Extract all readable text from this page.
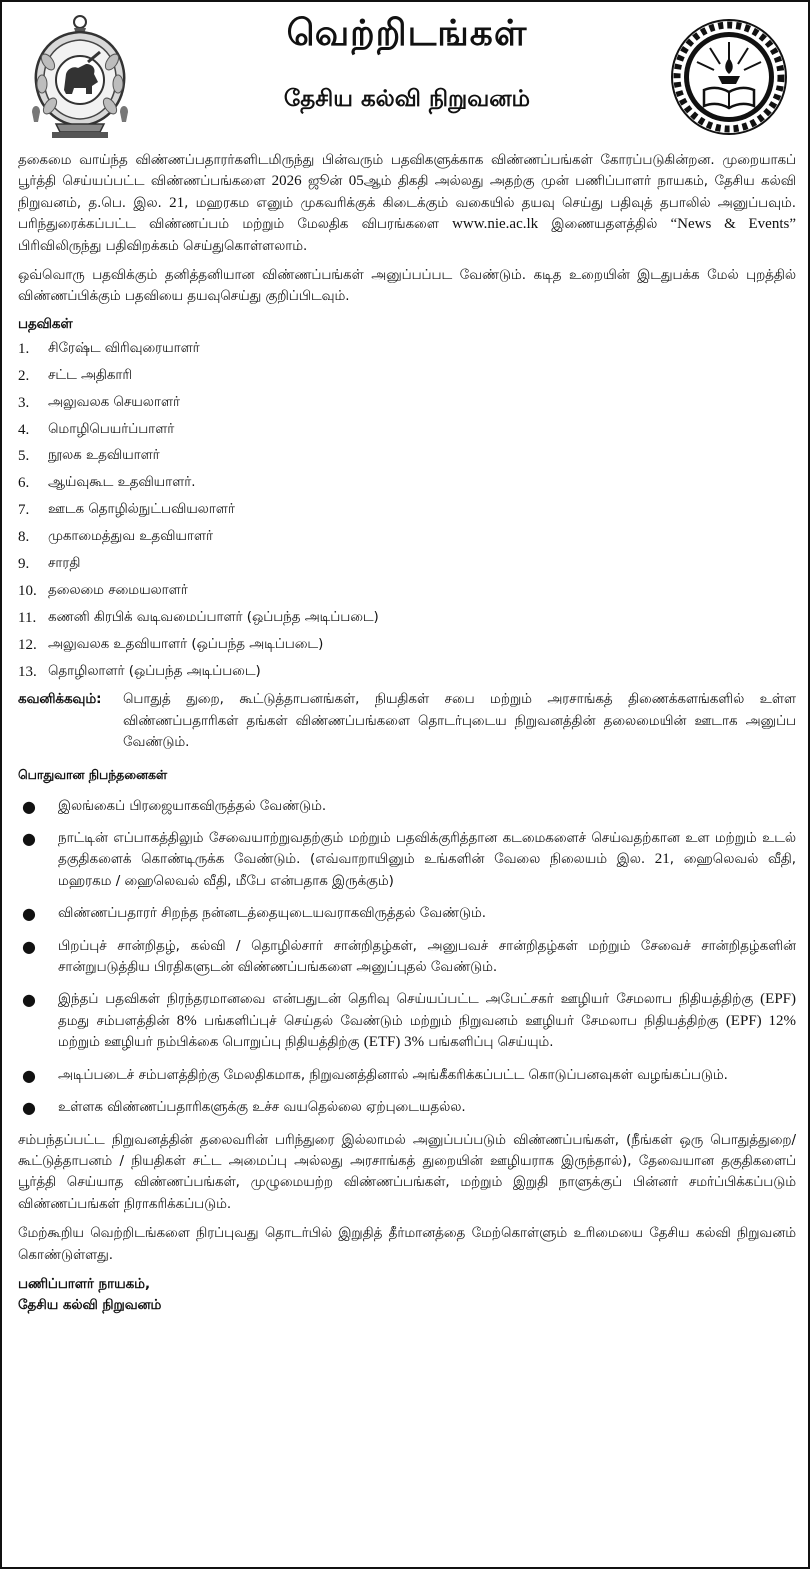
வெற்றிடங்கள்
தேசிய கல்வி நிறுவனம்

தகைமை வாய்ந்த விண்ணப்பதாரர்களிடமிருந்து பின்வரும் பதவிகளுக்காக விண்ணப்பங்கள் கோரப்படுகின்றன. முறையாகப் பூர்த்தி செய்யப்பட்ட விண்ணப்பங்களை 2026 ஜூன் 05ஆம் திகதி அல்லது அதற்கு முன் பணிப்பாளர் நாயகம், தேசிய கல்வி நிறுவனம், த.பெ. இல. 21, மஹரகம எனும் முகவரிக்குக் கிடைக்கும் வகையில் தயவு செய்து பதிவுத் தபாலில் அனுப்பவும். பரிந்துரைக்கப்பட்ட விண்ணப்பம் மற்றும் மேலதிக விபரங்களை www.nie.ac.lk இணையதளத்தில் “News & Events” பிரிவிலிருந்து பதிவிறக்கம் செய்துகொள்ளலாம்.

ஒவ்வொரு பதவிக்கும் தனித்தனியான விண்ணப்பங்கள் அனுப்பப்பட வேண்டும். கடித உறையின் இடதுபக்க மேல் புறத்தில் விண்ணப்பிக்கும் பதவியை தயவுசெய்து குறிப்பிடவும்.

பதவிகள்
1.	சிரேஷ்ட விரிவுரையாளர்
2.	சட்ட அதிகாரி
3.	அலுவலக செயலாளர்
4.	மொழிபெயர்ப்பாளர்
5.	நூலக உதவியாளர்
6.	ஆய்வுகூட உதவியாளர்.
7.	ஊடக தொழில்நுட்பவியலாளர்
8.	முகாமைத்துவ உதவியாளர்
9.	சாரதி
10. தலைமை சமையலாளர்
11. கணனி கிரபிக் வடிவமைப்பாளர் (ஒப்பந்த அடிப்படை)
12. அலுவலக உதவியாளர் (ஒப்பந்த அடிப்படை)
13. தொழிலாளர் (ஒப்பந்த அடிப்படை)
கவனிக்கவும்:	பொதுத் துறை, கூட்டுத்தாபனங்கள், நியதிகள் சபை மற்றும் அரசாங்கத் திணைக்களங்களில் உள்ள விண்ணப்பதாரிகள் தங்கள் விண்ணப்பங்களை தொடர்புடைய நிறுவனத்தின் தலைமையின் ஊடாக அனுப்ப வேண்டும்.
பொதுவான நிபந்தனைகள்
●	இலங்கைப் பிரஜையாகவிருத்தல் வேண்டும்.
●	நாட்டின் எப்பாகத்திலும் சேவையாற்றுவதற்கும் மற்றும் பதவிக்குரித்தான கடமைகளைச் செய்வதற்கான உள மற்றும் உடல் தகுதிகளைக் கொண்டிருக்க வேண்டும். (எவ்வாறாயினும் உங்களின் வேலை நிலையம் இல. 21, ஹைலெவல் வீதி, மஹரகம / ஹைலெவல் வீதி, மீபே என்பதாக இருக்கும்)
●	விண்ணப்பதாரர் சிறந்த நன்னடத்தையுடையவராகவிருத்தல் வேண்டும்.
●	பிறப்புச் சான்றிதழ், கல்வி / தொழில்சார் சான்றிதழ்கள், அனுபவச் சான்றிதழ்கள் மற்றும் சேவைச் சான்றிதழ்களின் சான்றுபடுத்திய பிரதிகளுடன் விண்ணப்பங்களை அனுப்புதல் வேண்டும்.
●	இந்தப் பதவிகள் நிரந்தரமானவை என்பதுடன் தெரிவு செய்யப்பட்ட அபேட்சகர் ஊழியர் சேமலாப நிதியத்திற்கு (EPF) தமது சம்பளத்தின் 8% பங்களிப்புச் செய்தல் வேண்டும் மற்றும் நிறுவனம் ஊழியர் சேமலாப நிதியத்திற்கு (EPF) 12% மற்றும் ஊழியர் நம்பிக்கை பொறுப்பு நிதியத்திற்கு (ETF) 3% பங்களிப்பு செய்யும்.
●	அடிப்படைச் சம்பளத்திற்கு மேலதிகமாக, நிறுவனத்தினால் அங்கீகரிக்கப்பட்ட கொடுப்பனவுகள் வழங்கப்படும்.
●	உள்ளக விண்ணப்பதாரிகளுக்கு உச்ச வயதெல்லை ஏற்புடையதல்ல.

சம்பந்தப்பட்ட நிறுவனத்தின் தலைவரின் பரிந்துரை இல்லாமல் அனுப்பப்படும் விண்ணப்பங்கள், (நீங்கள் ஒரு பொதுத்துறை/ கூட்டுத்தாபனம் / நியதிகள் சட்ட அமைப்பு அல்லது அரசாங்கத் துறையின் ஊழியராக இருந்தால்), தேவையான தகுதிகளைப் பூர்த்தி செய்யாத விண்ணப்பங்கள், முழுமையற்ற விண்ணப்பங்கள், மற்றும் இறுதி நாளுக்குப் பின்னர் சமர்ப்பிக்கப்படும் விண்ணப்பங்கள் நிராகரிக்கப்படும்.

மேற்கூறிய வெற்றிடங்களை நிரப்புவது தொடர்பில் இறுதித் தீர்மானத்தை மேற்கொள்ளும் உரிமையை தேசிய கல்வி நிறுவனம் கொண்டுள்ளது.

பணிப்பாளர் நாயகம்,
தேசிய கல்வி நிறுவனம்
